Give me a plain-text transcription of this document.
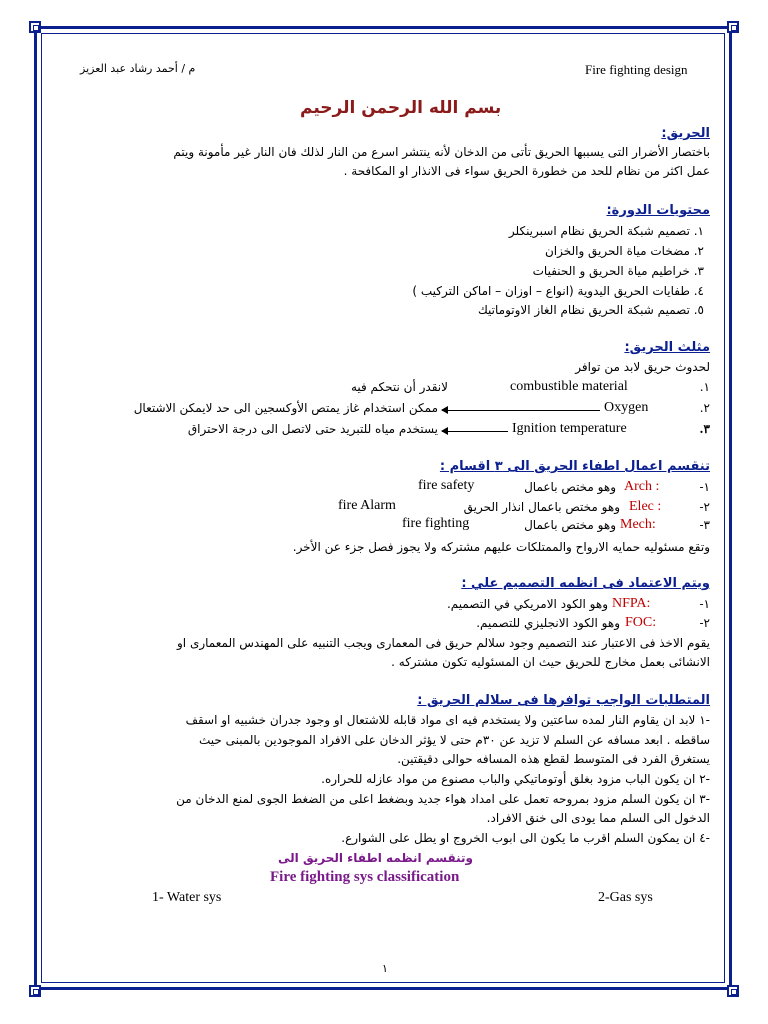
Fire fighting design
م / أحمد رشاد عبد العزيز
بسم الله الرحمن الرحيم
الحريق:
باختصار الأضرار التى يسببها الحريق تأتى من الدخان لأنه ينتشر اسرع من النار لذلك فان النار غير مأمونة ويتم
عمل اكثر من نظام للحد من خطورة الحريق سواء فى الانذار او المكافحة .
محتويات الدورة:
١. تصميم شبكة الحريق نظام اسبرينكلر
٢. مضخات مياة الحريق والخزان
٣. خراطيم مياة الحريق و الحنفيات
٤. طفايات الحريق اليدوية (انواع – اوزان – اماكن التركيب )
٥. تصميم شبكة الحريق نظام الغاز الاوتوماتيك
مثلث الحريق:
لحدوث حريق لابد من توافر
.١
combustible material
لانقدر أن نتحكم فيه
.٢
Oxygen
ممكن استخدام غاز يمتص الأوكسجين الى حد لايمكن الاشتعال
.٣
Ignition temperature
يستخدم مياه للتبريد حتى لاتصل الى درجة الاحتراق
تنقسم اعمال اطفاء الحريق الى ٣ اقسام :
-١
Arch :
وهو مختص باعمال
fire safety
-٢
Elec :
وهو مختص باعمال انذار الحريق
fire Alarm
-٣
Mech:
وهو مختص باعمال
fire fighting
وتقع مسئوليه حمايه الارواح والممتلكات عليهم مشتركه ولا يجوز فصل جزء عن الأخر.
ويتم الاعتماد فى انظمه التصميم علي :
-١
NFPA:
وهو الكود الامريكي في التصميم.
-٢
FOC:
وهو الكود الانجليزي للتصميم.
يقوم الاخذ فى الاعتبار عند التصميم وجود سلالم حريق فى المعمارى ويجب التنبيه على المهندس المعمارى او
الانشائى بعمل مخارج للحريق حيث ان المسئوليه تكون مشتركه .
المتطلبات الواجب توافرها فى سلالم الحريق :
-١ لابد ان يقاوم النار لمده ساعتين ولا يستخدم فيه اى مواد قابله للاشتعال او وجود جدران خشبيه او اسقف
ساقطه . ابعد مسافه عن السلم لا تزيد عن ٣٠م حتى لا يؤثر الدخان على الافراد الموجودين بالمبنى حيث
يستغرق الفرد فى المتوسط لقطع هذه المسافه حوالى دقيقتين.
-٢ ان يكون الباب مزود بغلق أوتوماتيكي والباب مصنوع من مواد عازله للحراره.
-٣ ان يكون السلم مزود بمروحه تعمل على امداد هواء جديد وبضغط اعلى من الضغط الجوى لمنع الدخان من
الدخول الى السلم مما يودى الى خنق الافراد.
-٤ ان يمكون السلم اقرب ما يكون الى ابوب الخروج او يطل على الشوارع.
وتنقسم انظمه اطفاء الحريق الى
Fire fighting sys classification
1- Water sys	2-Gas sys
١
